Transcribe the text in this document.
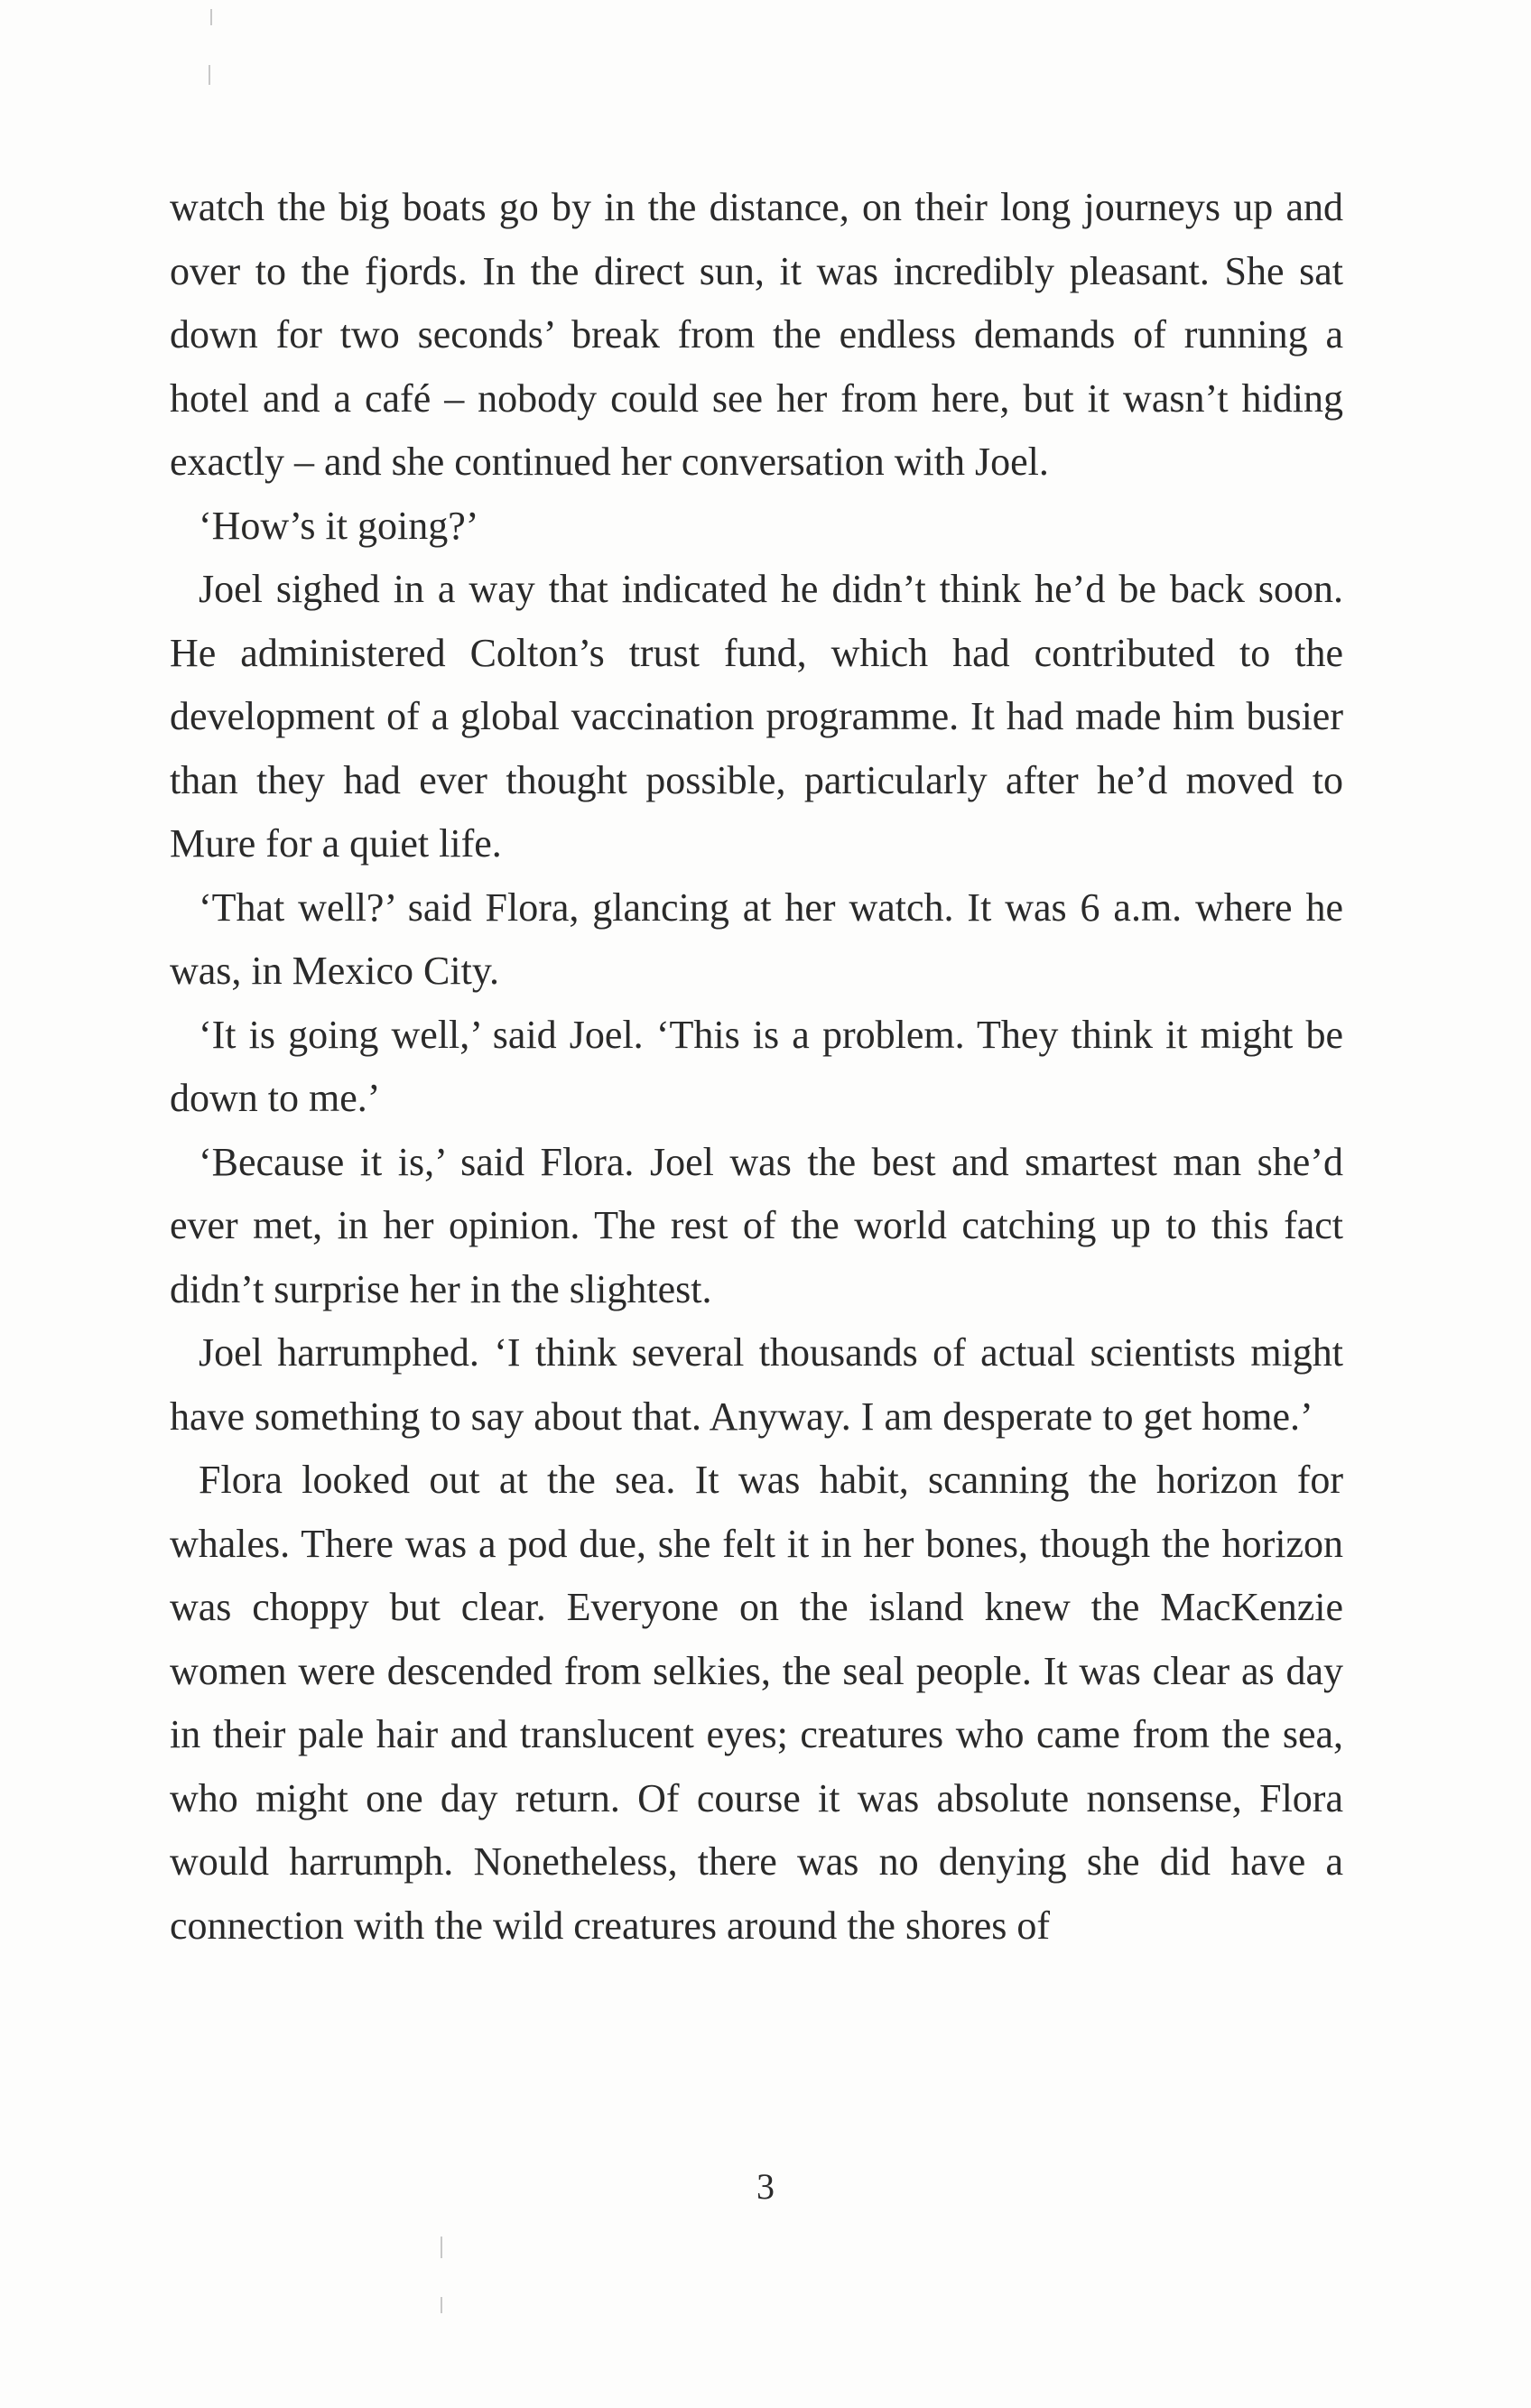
watch the big boats go by in the distance, on their long journeys up and over to the fjords. In the direct sun, it was incredibly pleasant. She sat down for two seconds’ break from the endless demands of running a hotel and a café – nobody could see her from here, but it wasn’t hiding exactly – and she continued her conversation with Joel.

‘How’s it going?’

Joel sighed in a way that indicated he didn’t think he’d be back soon. He administered Colton’s trust fund, which had contributed to the development of a global vaccination programme. It had made him busier than they had ever thought possible, particularly after he’d moved to Mure for a quiet life.

‘That well?’ said Flora, glancing at her watch. It was 6 a.m. where he was, in Mexico City.

‘It is going well,’ said Joel. ‘This is a problem. They think it might be down to me.’

‘Because it is,’ said Flora. Joel was the best and smartest man she’d ever met, in her opinion. The rest of the world catching up to this fact didn’t surprise her in the slightest.

Joel harrumphed. ‘I think several thousands of actual scientists might have something to say about that. Anyway. I am desperate to get home.’

Flora looked out at the sea. It was habit, scanning the horizon for whales. There was a pod due, she felt it in her bones, though the horizon was choppy but clear. Everyone on the island knew the MacKenzie women were descended from selkies, the seal people. It was clear as day in their pale hair and translucent eyes; creatures who came from the sea, who might one day return. Of course it was absolute nonsense, Flora would harrumph. Nonetheless, there was no denying she did have a connection with the wild creatures around the shores of

3
